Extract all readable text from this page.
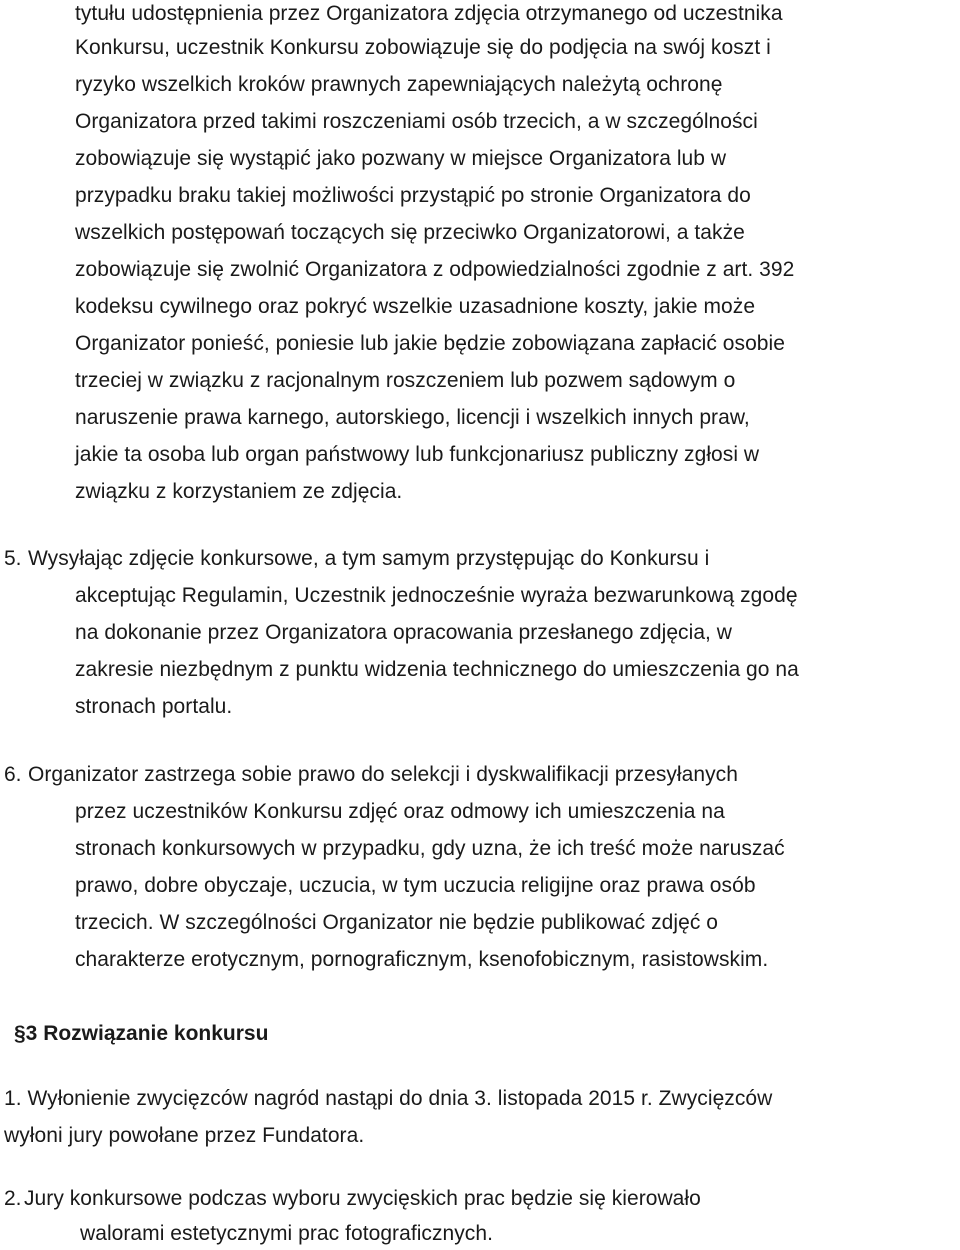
tytułu udostępnienia przez Organizatora zdjęcia otrzymanego od uczestnika
Konkursu, uczestnik Konkursu zobowiązuje się do podjęcia na swój koszt i
ryzyko wszelkich kroków prawnych zapewniających należytą ochronę
Organizatora przed takimi roszczeniami osób trzecich, a w szczególności
zobowiązuje się wystąpić jako pozwany w miejsce Organizatora lub w
przypadku braku takiej możliwości przystąpić po stronie Organizatora do
wszelkich postępowań toczących się przeciwko Organizatorowi, a także
zobowiązuje się zwolnić Organizatora z odpowiedzialności zgodnie z art. 392
kodeksu cywilnego oraz pokryć wszelkie uzasadnione koszty, jakie może
Organizator ponieść, poniesie lub jakie będzie zobowiązana zapłacić osobie
trzeciej w związku z racjonalnym roszczeniem lub pozwem sądowym o
naruszenie prawa karnego, autorskiego, licencji i wszelkich innych praw,
jakie ta osoba lub organ państwowy lub funkcjonariusz publiczny zgłosi w
związku z korzystaniem ze zdjęcia.
5. Wysyłając zdjęcie konkursowe, a tym samym przystępując do Konkursu i
akceptując Regulamin, Uczestnik jednocześnie wyraża bezwarunkową zgodę
na dokonanie przez Organizatora opracowania przesłanego zdjęcia, w
zakresie niezbędnym z punktu widzenia technicznego do umieszczenia go na
stronach portalu.
6. Organizator zastrzega sobie prawo do selekcji i dyskwalifikacji przesyłanych
przez uczestników Konkursu zdjęć oraz odmowy ich umieszczenia na
stronach konkursowych w przypadku, gdy uzna, że ich treść może naruszać
prawo, dobre obyczaje, uczucia, w tym uczucia religijne oraz prawa osób
trzecich. W szczególności Organizator nie będzie publikować zdjęć o
charakterze erotycznym, pornograficznym, ksenofobicznym, rasistowskim.
§3 Rozwiązanie konkursu
1. Wyłonienie zwycięzców nagród nastąpi do dnia 3. listopada 2015 r. Zwycięzców
wyłoni jury powołane przez Fundatora.
2. Jury konkursowe podczas wyboru zwycięskich prac będzie się kierowało
walorami estetycznymi prac fotograficznych.
